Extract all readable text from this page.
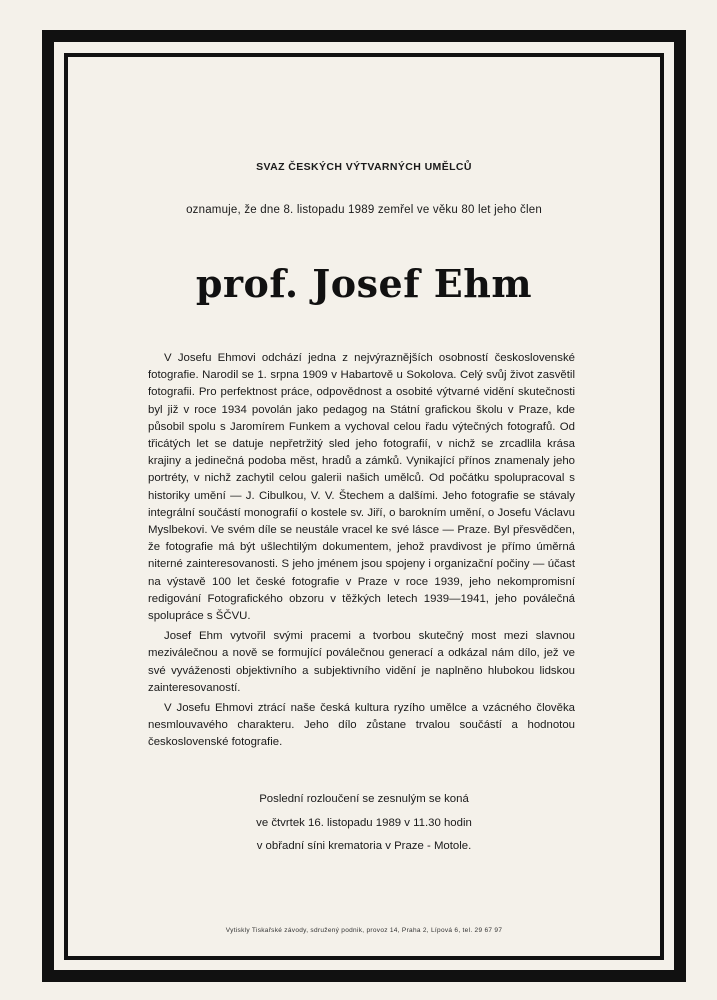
SVAZ ČESKÝCH VÝTVARNÝCH UMĚLCŮ
oznamuje, že dne 8. listopadu 1989 zemřel ve věku 80 let jeho člen
prof. Josef Ehm

V Josefu Ehmovi odchází jedna z nejvýraznějších osobností československé fotografie. Narodil se 1. srpna 1909 v Habartově u Sokolova. Celý svůj život zasvětil fotografii. Pro perfektnost práce, odpovědnost a osobité výtvarné vidění skutečnosti byl již v roce 1934 povolán jako pedagog na Státní grafickou školu v Praze, kde působil spolu s Jaromírem Funkem a vychoval celou řadu výtečných fotografů. Od třicátých let se datuje nepřetržitý sled jeho fotografií, v nichž se zrcadlila krása krajiny a jedinečná podoba měst, hradů a zámků. Vynikající přínos znamenaly jeho portréty, v nichž zachytil celou galerii našich umělců. Od počátku spolupracoval s historiky umění — J. Cibulkou, V. V. Štechem a dalšími. Jeho fotografie se stávaly integrální součástí monografií o kostele sv. Jiří, o barokním umění, o Josefu Václavu Myslbekovi. Ve svém díle se neustále vracel ke své lásce — Praze. Byl přesvědčen, že fotografie má být ušlechtilým dokumentem, jehož pravdivost je přímo úměrná niterné zainteresovanosti. S jeho jménem jsou spojeny i organizační počiny — účast na výstavě 100 let české fotografie v Praze v roce 1939, jeho nekompromisní redigování Fotografického obzoru v těžkých letech 1939—1941, jeho poválečná spolupráce s ŠČVU.

Josef Ehm vytvořil svými pracemi a tvorbou skutečný most mezi slavnou meziválečnou a nově se formující poválečnou generací a odkázal nám dílo, jež ve své vyváženosti objektivního a subjektivního vidění je naplněno hlubokou lidskou zainteresovaností.

V Josefu Ehmovi ztrácí naše česká kultura ryzího umělce a vzácného člověka nesmlouvavého charakteru. Jeho dílo zůstane trvalou součástí a hodnotou československé fotografie.

Poslední rozloučení se zesnulým se koná
ve čtvrtek 16. listopadu 1989 v 11.30 hodin
v obřadní síni krematoria v Praze - Motole.
Vytiskly Tiskařské závody, sdružený podnik, provoz 14, Praha 2, Lípová 6, tel. 29 67 97
